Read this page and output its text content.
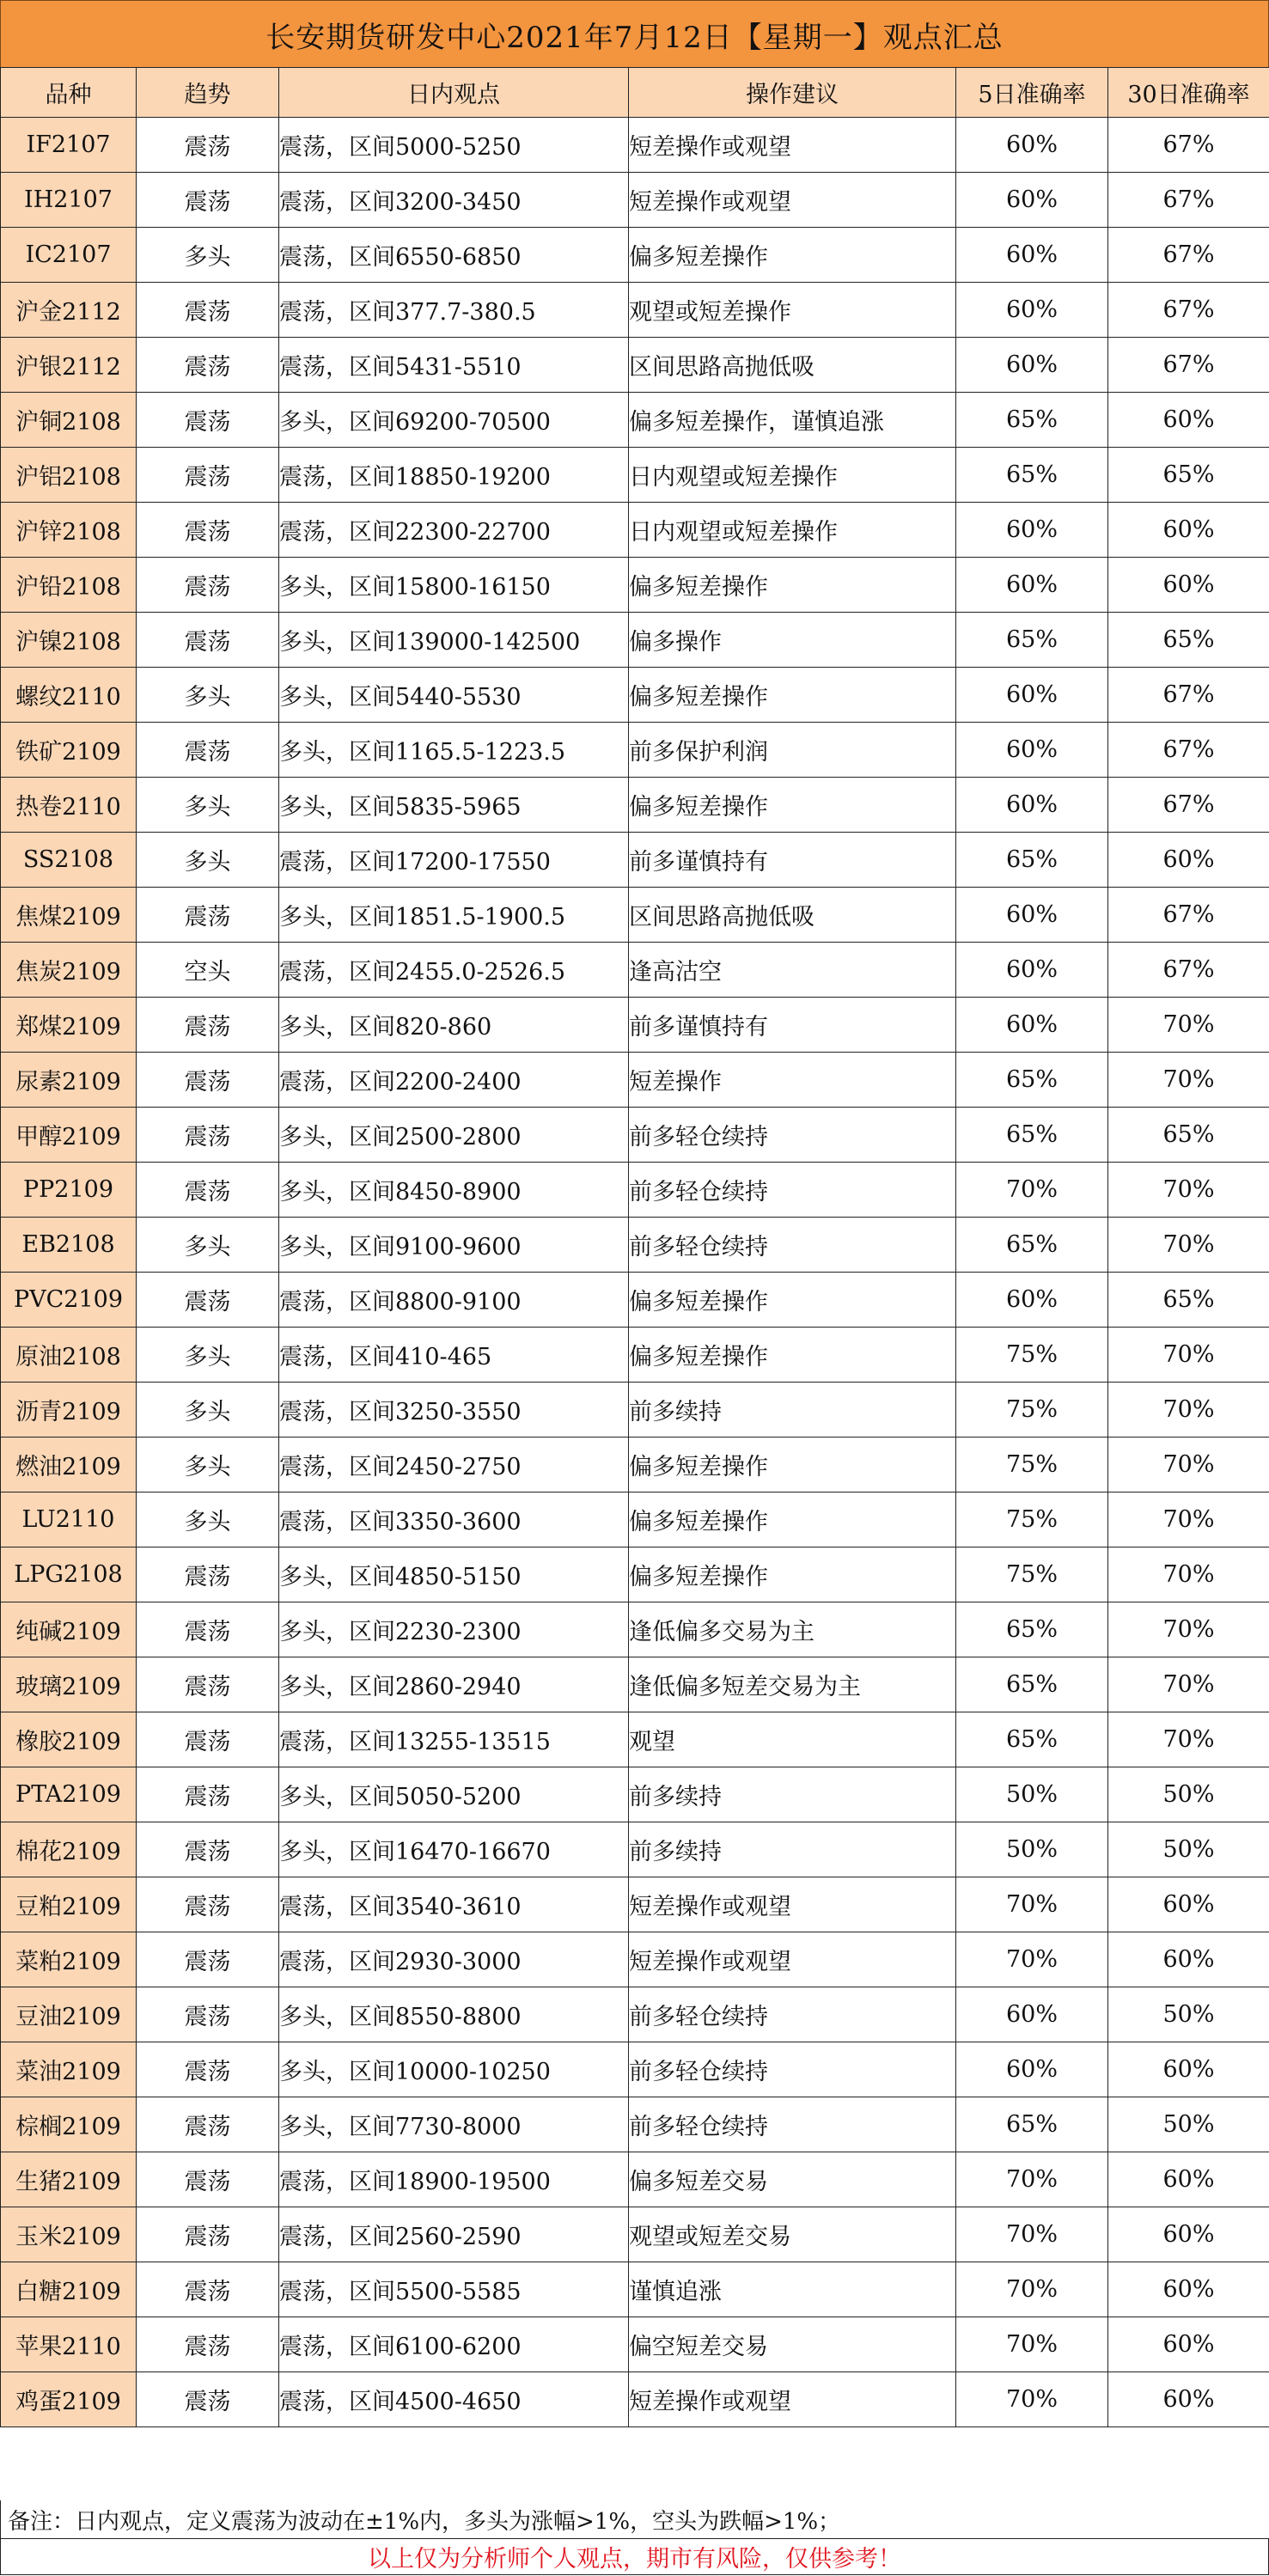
长安期货研发中心2021年7月12日【星期一】观点汇总
品种	趋势	日内观点	操作建议	5日准确率	30日准确率
IF2107	震荡	震荡，区间5000-5250	短差操作或观望	60%	67%
IH2107	震荡	震荡，区间3200-3450	短差操作或观望	60%	67%
IC2107	多头	震荡，区间6550-6850	偏多短差操作	60%	67%
沪金2112	震荡	震荡，区间377.7-380.5	观望或短差操作	60%	67%
沪银2112	震荡	震荡，区间5431-5510	区间思路高抛低吸	60%	67%
沪铜2108	震荡	多头，区间69200-70500	偏多短差操作，谨慎追涨	65%	60%
沪铝2108	震荡	震荡，区间18850-19200	日内观望或短差操作	65%	65%
沪锌2108	震荡	震荡，区间22300-22700	日内观望或短差操作	60%	60%
沪铅2108	震荡	多头，区间15800-16150	偏多短差操作	60%	60%
沪镍2108	震荡	多头，区间139000-142500	偏多操作	65%	65%
螺纹2110	多头	多头，区间5440-5530	偏多短差操作	60%	67%
铁矿2109	震荡	多头，区间1165.5-1223.5	前多保护利润	60%	67%
热卷2110	多头	多头，区间5835-5965	偏多短差操作	60%	67%
SS2108	多头	震荡，区间17200-17550	前多谨慎持有	65%	60%
焦煤2109	震荡	多头，区间1851.5-1900.5	区间思路高抛低吸	60%	67%
焦炭2109	空头	震荡，区间2455.0-2526.5	逢高沽空	60%	67%
郑煤2109	震荡	多头，区间820-860	前多谨慎持有	60%	70%
尿素2109	震荡	震荡，区间2200-2400	短差操作	65%	70%
甲醇2109	震荡	多头，区间2500-2800	前多轻仓续持	65%	65%
PP2109	震荡	多头，区间8450-8900	前多轻仓续持	70%	70%
EB2108	多头	多头，区间9100-9600	前多轻仓续持	65%	70%
PVC2109	震荡	震荡，区间8800-9100	偏多短差操作	60%	65%
原油2108	多头	震荡，区间410-465	偏多短差操作	75%	70%
沥青2109	多头	震荡，区间3250-3550	前多续持	75%	70%
燃油2109	多头	震荡，区间2450-2750	偏多短差操作	75%	70%
LU2110	多头	震荡，区间3350-3600	偏多短差操作	75%	70%
LPG2108	震荡	多头，区间4850-5150	偏多短差操作	75%	70%
纯碱2109	震荡	多头，区间2230-2300	逢低偏多交易为主	65%	70%
玻璃2109	震荡	多头，区间2860-2940	逢低偏多短差交易为主	65%	70%
橡胶2109	震荡	震荡，区间13255-13515	观望	65%	70%
PTA2109	震荡	多头，区间5050-5200	前多续持	50%	50%
棉花2109	震荡	多头，区间16470-16670	前多续持	50%	50%
豆粕2109	震荡	震荡，区间3540-3610	短差操作或观望	70%	60%
菜粕2109	震荡	震荡，区间2930-3000	短差操作或观望	70%	60%
豆油2109	震荡	多头，区间8550-8800	前多轻仓续持	60%	50%
菜油2109	震荡	多头，区间10000-10250	前多轻仓续持	60%	60%
棕榈2109	震荡	多头，区间7730-8000	前多轻仓续持	65%	50%
生猪2109	震荡	震荡，区间18900-19500	偏多短差交易	70%	60%
玉米2109	震荡	震荡，区间2560-2590	观望或短差交易	70%	60%
白糖2109	震荡	震荡，区间5500-5585	谨慎追涨	70%	60%
苹果2110	震荡	震荡，区间6100-6200	偏空短差交易	70%	60%
鸡蛋2109	震荡	震荡，区间4500-4650	短差操作或观望	70%	60%
备注：日内观点，定义震荡为波动在±1%内，多头为涨幅>1%，空头为跌幅>1%；
以上仅为分析师个人观点，期市有风险，仅供参考！
